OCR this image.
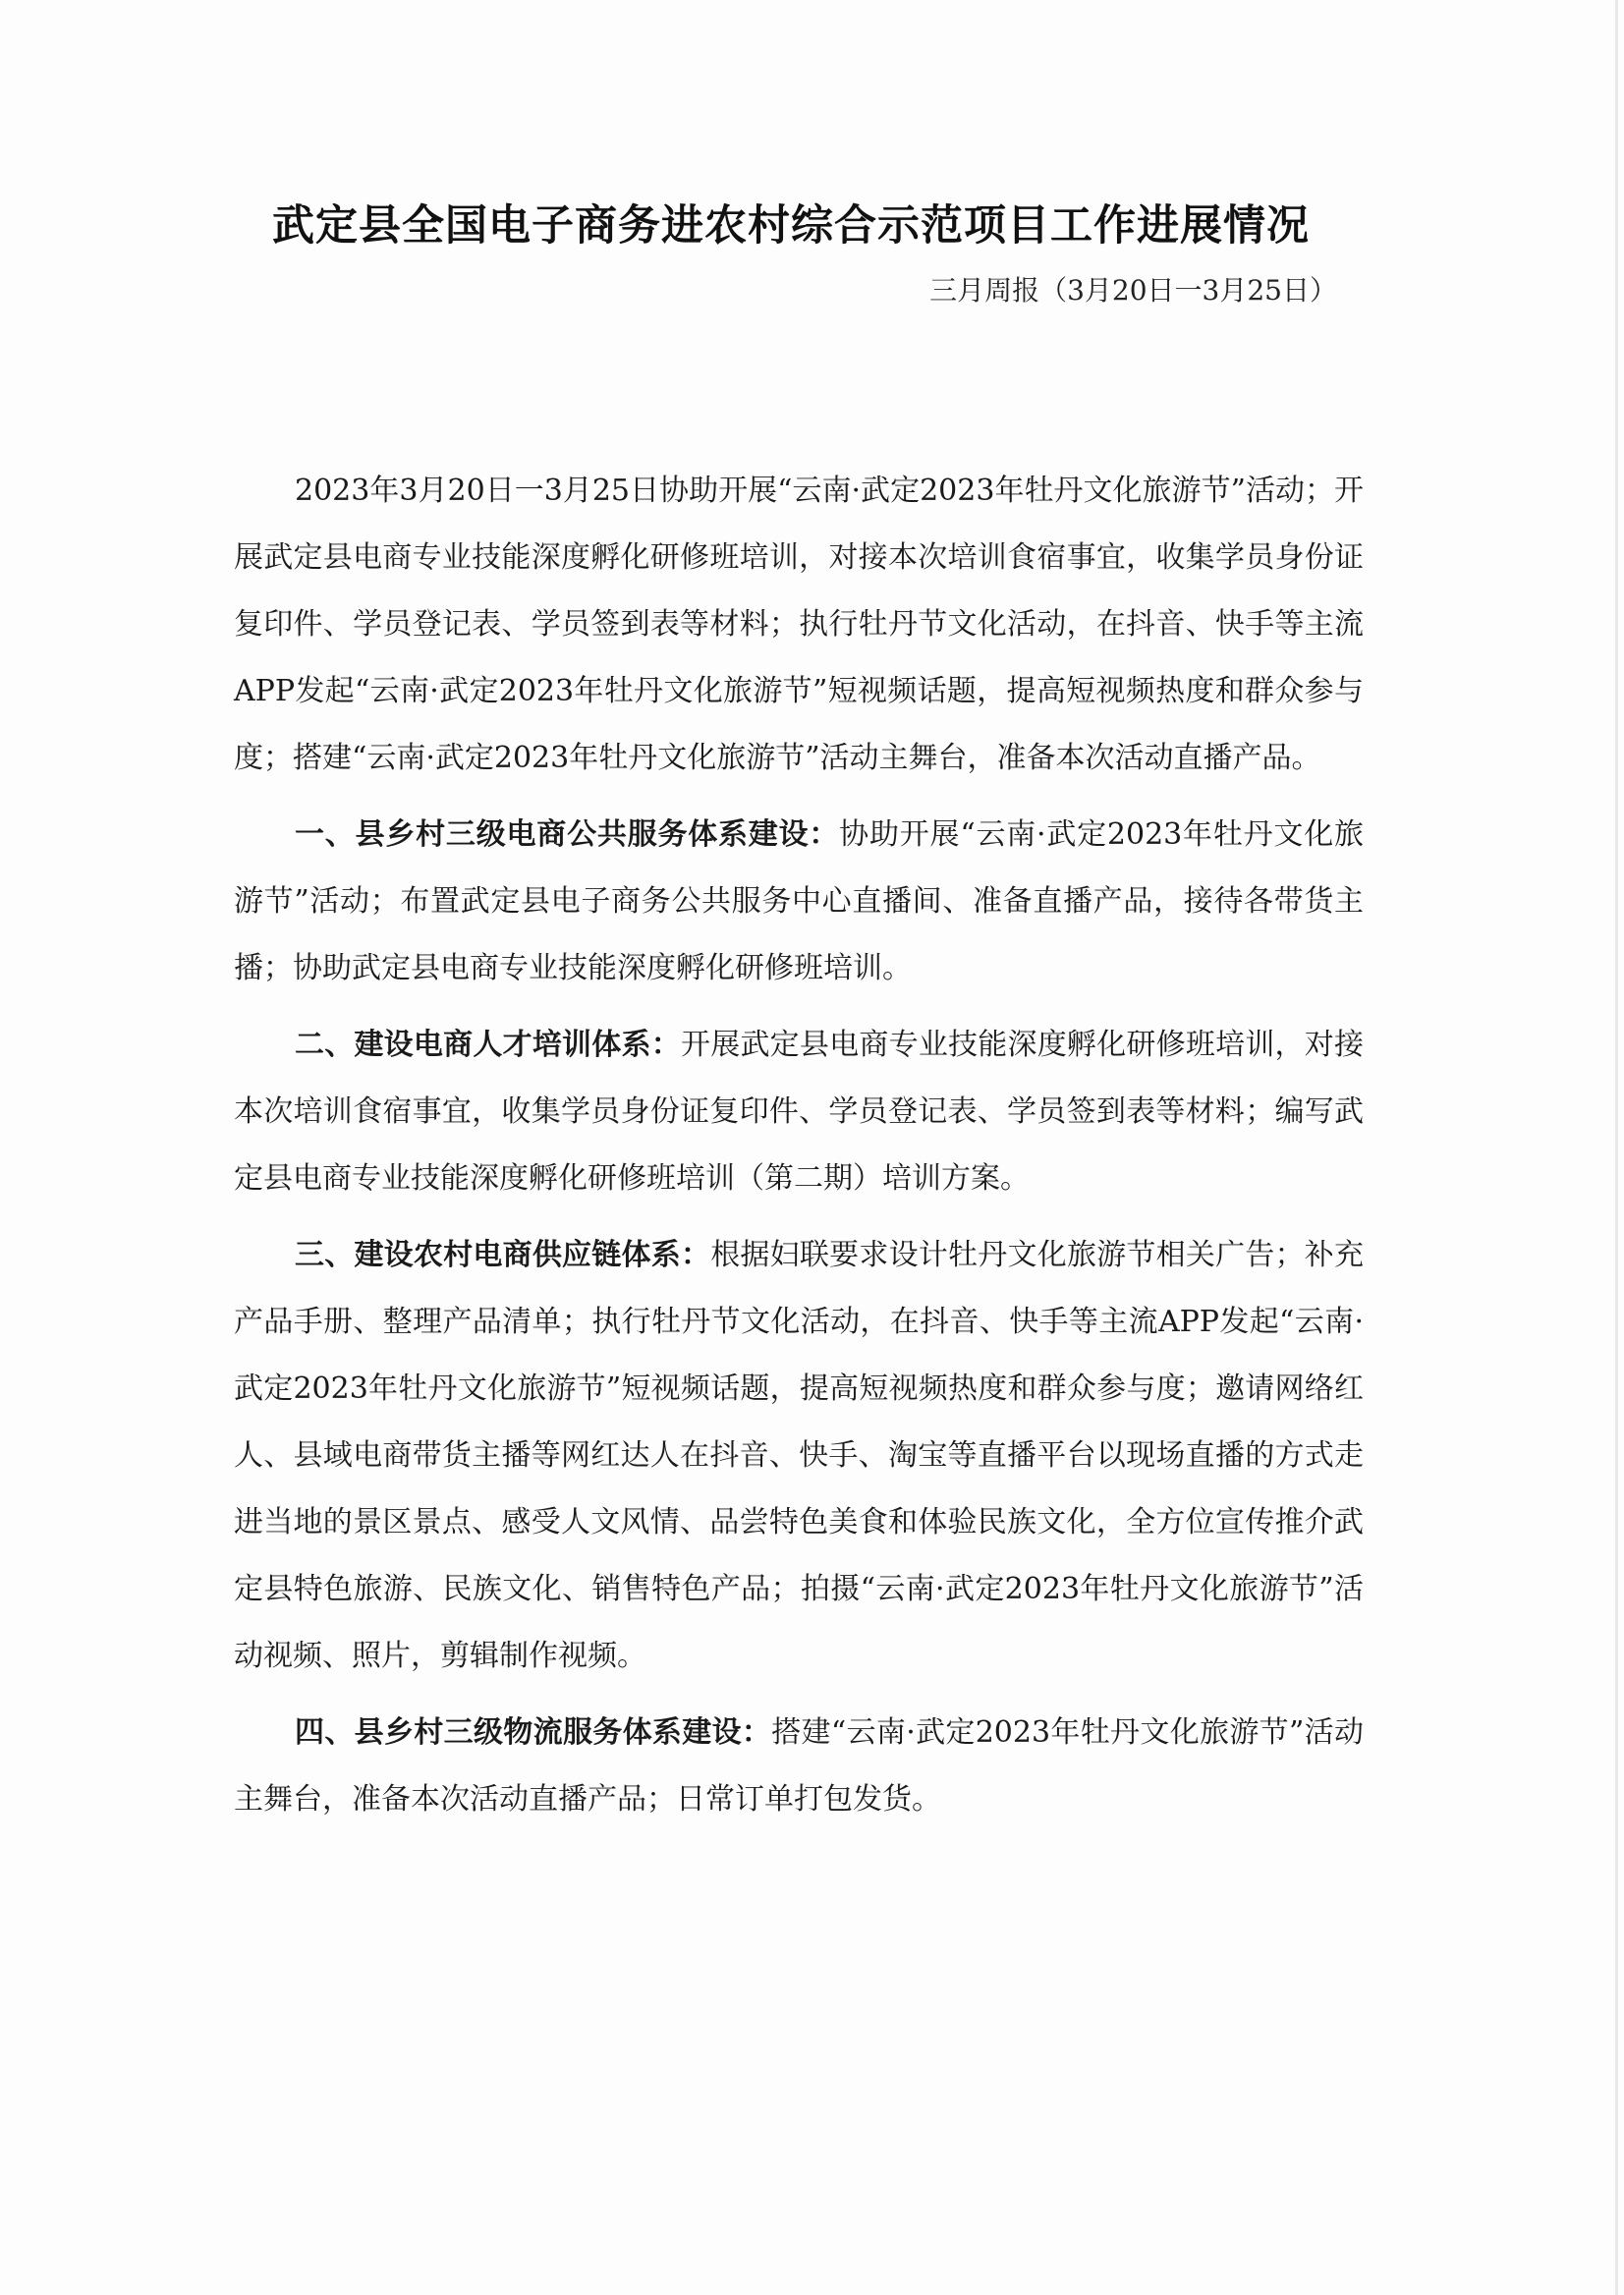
武定县全国电子商务进农村综合示范项目工作进展情况
三月周报（3月20日一3月25日）

2023年3月20日一3月25日协助开展“云南·武定2023年牡丹文化旅游节”活动；开展武定县电商专业技能深度孵化研修班培训，对接本次培训食宿事宜，收集学员身份证复印件、学员登记表、学员签到表等材料；执行牡丹节文化活动，在抖音、快手等主流APP发起“云南·武定2023年牡丹文化旅游节”短视频话题，提高短视频热度和群众参与度；搭建“云南·武定2023年牡丹文化旅游节”活动主舞台，准备本次活动直播产品。

一、县乡村三级电商公共服务体系建设：协助开展“云南·武定2023年牡丹文化旅游节”活动；布置武定县电子商务公共服务中心直播间、准备直播产品，接待各带货主播；协助武定县电商专业技能深度孵化研修班培训。

二、建设电商人才培训体系：开展武定县电商专业技能深度孵化研修班培训，对接本次培训食宿事宜，收集学员身份证复印件、学员登记表、学员签到表等材料；编写武定县电商专业技能深度孵化研修班培训（第二期）培训方案。

三、建设农村电商供应链体系：根据妇联要求设计牡丹文化旅游节相关广告；补充产品手册、整理产品清单；执行牡丹节文化活动，在抖音、快手等主流APP发起“云南·武定2023年牡丹文化旅游节”短视频话题，提高短视频热度和群众参与度；邀请网络红人、县域电商带货主播等网红达人在抖音、快手、淘宝等直播平台以现场直播的方式走进当地的景区景点、感受人文风情、品尝特色美食和体验民族文化，全方位宣传推介武定县特色旅游、民族文化、销售特色产品；拍摄“云南·武定2023年牡丹文化旅游节”活动视频、照片，剪辑制作视频。

四、县乡村三级物流服务体系建设：搭建“云南·武定2023年牡丹文化旅游节”活动主舞台，准备本次活动直播产品；日常订单打包发货。
